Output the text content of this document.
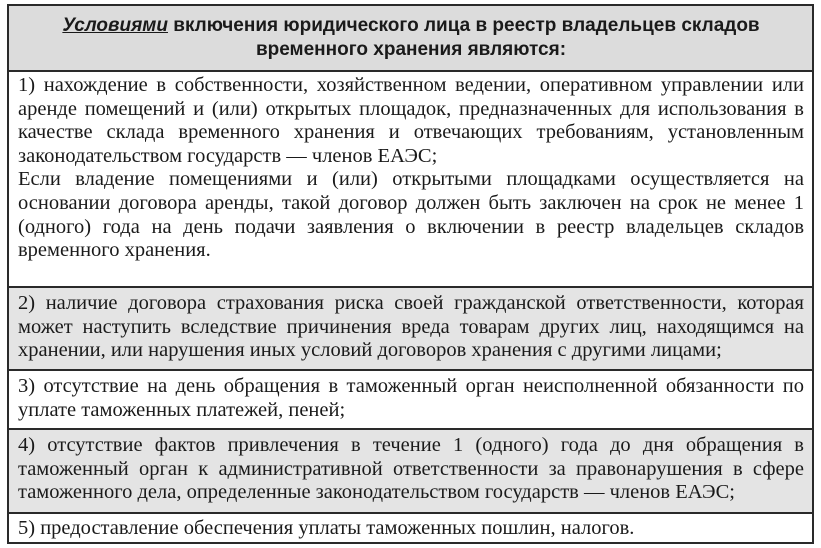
Условиями включения юридического лица в реестр владельцев складов временного хранения являются:
1) нахождение в собственности, хозяйственном ведении, оперативном управлении или аренде помещений и (или) открытых площадок, предназначенных для использования в качестве склада временного хранения и отвечающих требованиям, установленным законодательством государств — членов ЕАЭС;
Если владение помещениями и (или) открытыми площадками осуществляется на основании договора аренды, такой договор должен быть заключен на срок не менее 1 (одного) года на день подачи заявления о включении в реестр владельцев складов временного хранения.
2) наличие договора страхования риска своей гражданской ответственности, которая может наступить вследствие причинения вреда товарам других лиц, находящимся на хранении, или нарушения иных условий договоров хранения с другими лицами;
3) отсутствие на день обращения в таможенный орган неисполненной обязанности по уплате таможенных платежей, пеней;
4) отсутствие фактов привлечения в течение 1 (одного) года до дня обращения в таможенный орган к административной ответственности за правонарушения в сфере таможенного дела, определенные законодательством государств — членов ЕАЭС;
5) предоставление обеспечения уплаты таможенных пошлин, налогов.
